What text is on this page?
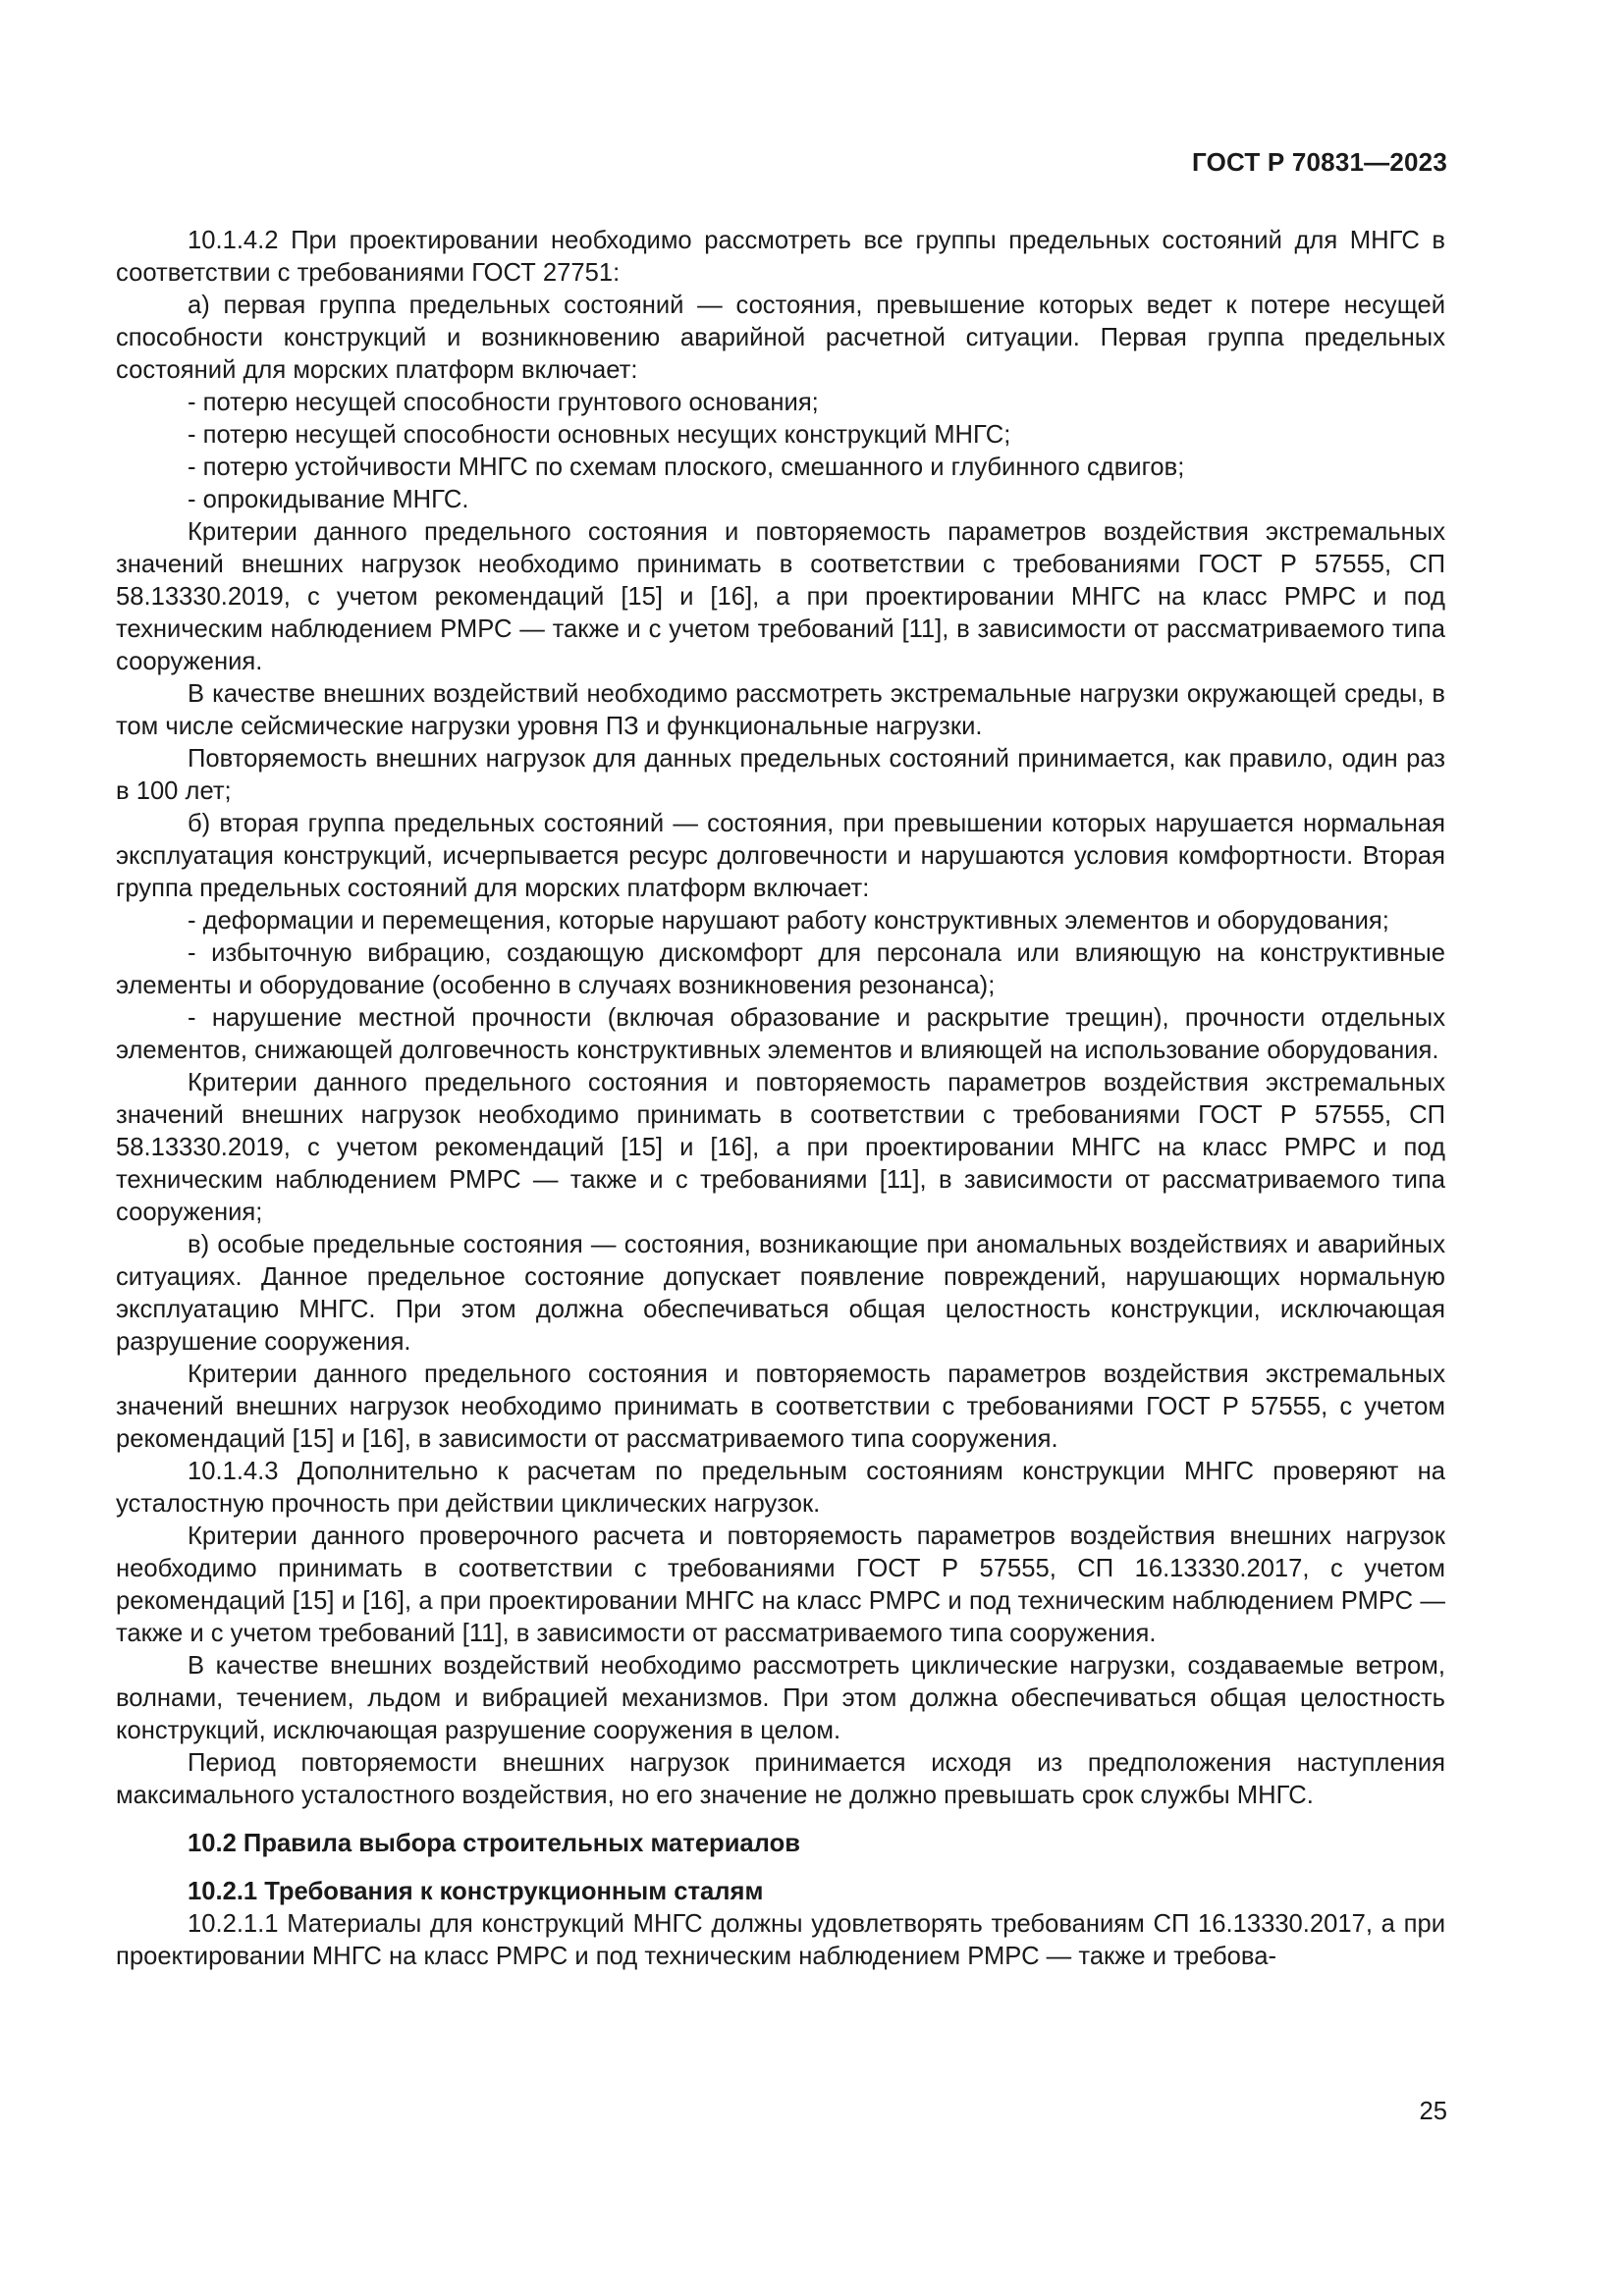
ГОСТ Р 70831—2023

10.1.4.2 При проектировании необходимо рассмотреть все группы предельных состояний для МНГС в соответствии с требованиями ГОСТ 27751:

а) первая группа предельных состояний — состояния, превышение которых ведет к потере несущей способности конструкций и возникновению аварийной расчетной ситуации. Первая группа предельных состояний для морских платформ включает:

- потерю несущей способности грунтового основания;

- потерю несущей способности основных несущих конструкций МНГС;

- потерю устойчивости МНГС по схемам плоского, смешанного и глубинного сдвигов;

- опрокидывание МНГС.

Критерии данного предельного состояния и повторяемость параметров воздействия экстремальных значений внешних нагрузок необходимо принимать в соответствии с требованиями ГОСТ Р 57555, СП 58.13330.2019, с учетом рекомендаций [15] и [16], а при проектировании МНГС на класс РМРС и под техническим наблюдением РМРС — также и с учетом требований [11], в зависимости от рассматриваемого типа сооружения.

В качестве внешних воздействий необходимо рассмотреть экстремальные нагрузки окружающей среды, в том числе сейсмические нагрузки уровня ПЗ и функциональные нагрузки.

Повторяемость внешних нагрузок для данных предельных состояний принимается, как правило, один раз в 100 лет;

б) вторая группа предельных состояний — состояния, при превышении которых нарушается нормальная эксплуатация конструкций, исчерпывается ресурс долговечности и нарушаются условия комфортности. Вторая группа предельных состояний для морских платформ включает:

- деформации и перемещения, которые нарушают работу конструктивных элементов и оборудования;

- избыточную вибрацию, создающую дискомфорт для персонала или влияющую на конструктивные элементы и оборудование (особенно в случаях возникновения резонанса);

- нарушение местной прочности (включая образование и раскрытие трещин), прочности отдельных элементов, снижающей долговечность конструктивных элементов и влияющей на использование оборудования.

Критерии данного предельного состояния и повторяемость параметров воздействия экстремальных значений внешних нагрузок необходимо принимать в соответствии с требованиями ГОСТ Р 57555, СП 58.13330.2019, с учетом рекомендаций [15] и [16], а при проектировании МНГС на класс РМРС и под техническим наблюдением РМРС — также и с требованиями [11], в зависимости от рассматриваемого типа сооружения;

в) особые предельные состояния — состояния, возникающие при аномальных воздействиях и аварийных ситуациях. Данное предельное состояние допускает появление повреждений, нарушающих нормальную эксплуатацию МНГС. При этом должна обеспечиваться общая целостность конструкции, исключающая разрушение сооружения.

Критерии данного предельного состояния и повторяемость параметров воздействия экстремальных значений внешних нагрузок необходимо принимать в соответствии с требованиями ГОСТ Р 57555, с учетом рекомендаций [15] и [16], в зависимости от рассматриваемого типа сооружения.

10.1.4.3 Дополнительно к расчетам по предельным состояниям конструкции МНГС проверяют на усталостную прочность при действии циклических нагрузок.

Критерии данного проверочного расчета и повторяемость параметров воздействия внешних нагрузок необходимо принимать в соответствии с требованиями ГОСТ Р 57555, СП 16.13330.2017, с учетом рекомендаций [15] и [16], а при проектировании МНГС на класс РМРС и под техническим наблюдением РМРС — также и с учетом требований [11], в зависимости от рассматриваемого типа сооружения.

В качестве внешних воздействий необходимо рассмотреть циклические нагрузки, создаваемые ветром, волнами, течением, льдом и вибрацией механизмов. При этом должна обеспечиваться общая целостность конструкций, исключающая разрушение сооружения в целом.

Период повторяемости внешних нагрузок принимается исходя из предположения наступления максимального усталостного воздействия, но его значение не должно превышать срок службы МНГС.

10.2 Правила выбора строительных материалов
10.2.1 Требования к конструкционным сталям

10.2.1.1 Материалы для конструкций МНГС должны удовлетворять требованиям СП 16.13330.2017, а при проектировании МНГС на класс РМРС и под техническим наблюдением РМРС — также и требова-

25
